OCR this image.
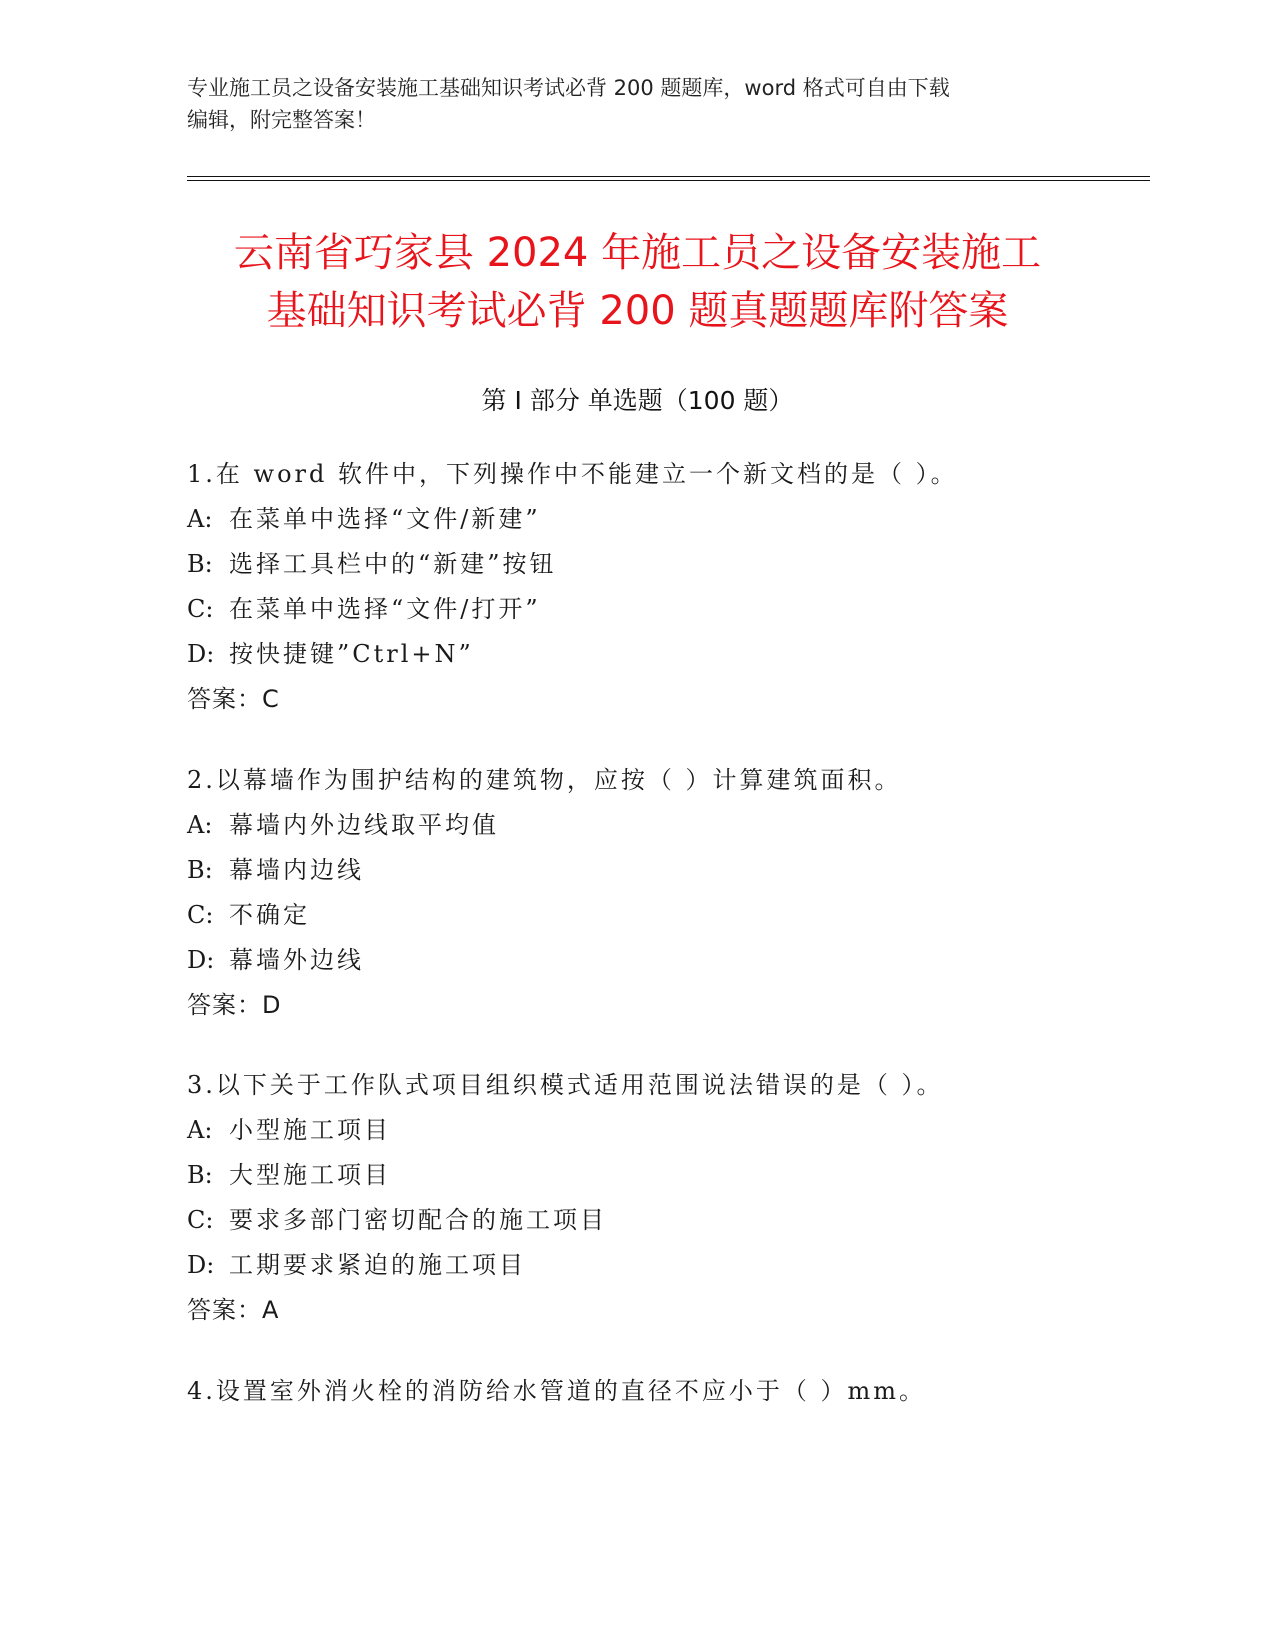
专业施工员之设备安装施工基础知识考试必背 200 题题库，word 格式可自由下载
编辑，附完整答案！
云南省巧家县 2024 年施工员之设备安装施工
基础知识考试必背 200 题真题题库附答案
第 I 部分 单选题（100 题）
1.在 word 软件中，下列操作中不能建立一个新文档的是（ ）。
A: 在菜单中选择“文件/新建”
B: 选择工具栏中的“新建”按钮
C: 在菜单中选择“文件/打开”
D: 按快捷键”Ctrl+N”
答案：C
2.以幕墙作为围护结构的建筑物，应按（ ）计算建筑面积。
A: 幕墙内外边线取平均值
B: 幕墙内边线
C: 不确定
D: 幕墙外边线
答案：D
3.以下关于工作队式项目组织模式适用范围说法错误的是（ ）。
A: 小型施工项目
B: 大型施工项目
C: 要求多部门密切配合的施工项目
D: 工期要求紧迫的施工项目
答案：A
4.设置室外消火栓的消防给水管道的直径不应小于（ ）mm。
